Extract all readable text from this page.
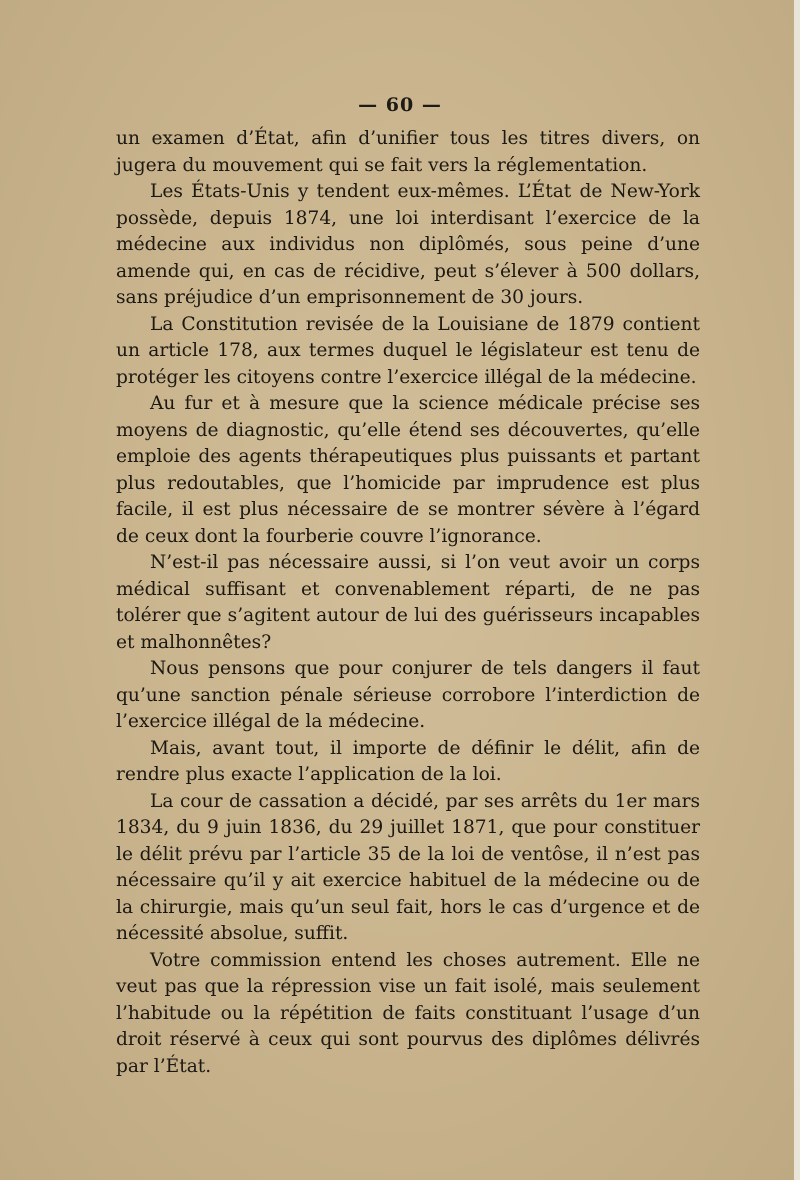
— 60 —

un examen d’État, afin d’unifier tous les titres divers, on jugera du mouvement qui se fait vers la réglementation.

Les États-Unis y tendent eux-mêmes. L’État de New-York possède, depuis 1874, une loi interdisant l’exercice de la médecine aux individus non diplômés, sous peine d’une amende qui, en cas de récidive, peut s’élever à 500 dollars, sans préjudice d’un emprisonnement de 30 jours.

La Constitution revisée de la Louisiane de 1879 contient un article 178, aux termes duquel le législateur est tenu de protéger les citoyens contre l’exercice illégal de la médecine.

Au fur et à mesure que la science médicale précise ses moyens de diagnostic, qu’elle étend ses découvertes, qu’elle emploie des agents thérapeutiques plus puissants et partant plus redoutables, que l’homicide par imprudence est plus facile, il est plus nécessaire de se montrer sévère à l’égard de ceux dont la fourberie couvre l’ignorance.

N’est-il pas nécessaire aussi, si l’on veut avoir un corps médical suffisant et convenablement réparti, de ne pas tolérer que s’agitent autour de lui des guérisseurs incapables et malhonnêtes?

Nous pensons que pour conjurer de tels dangers il faut qu’une sanction pénale sérieuse corrobore l’interdiction de l’exercice illégal de la médecine.

Mais, avant tout, il importe de définir le délit, afin de rendre plus exacte l’application de la loi.

La cour de cassation a décidé, par ses arrêts du 1er mars 1834, du 9 juin 1836, du 29 juillet 1871, que pour constituer le délit prévu par l’article 35 de la loi de ventôse, il n’est pas nécessaire qu’il y ait exercice habituel de la médecine ou de la chirurgie, mais qu’un seul fait, hors le cas d’urgence et de nécessité absolue, suffit.

Votre commission entend les choses autrement. Elle ne veut pas que la répression vise un fait isolé, mais seulement l’habitude ou la répétition de faits constituant l’usage d’un droit réservé à ceux qui sont pourvus des diplômes délivrés par l’État.
